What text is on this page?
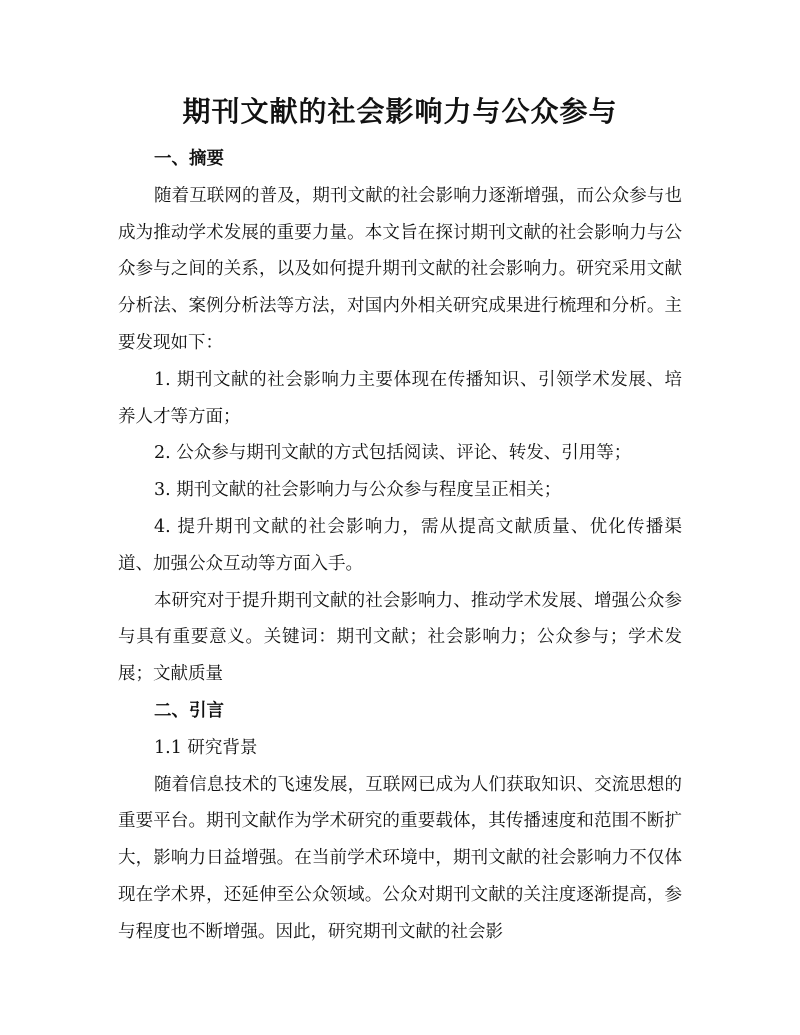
期刊文献的社会影响力与公众参与

一、摘要

随着互联网的普及，期刊文献的社会影响力逐渐增强，而公众参与也成为推动学术发展的重要力量。本文旨在探讨期刊文献的社会影响力与公众参与之间的关系，以及如何提升期刊文献的社会影响力。研究采用文献分析法、案例分析法等方法，对国内外相关研究成果进行梳理和分析。主要发现如下：

1. 期刊文献的社会影响力主要体现在传播知识、引领学术发展、培养人才等方面；

2. 公众参与期刊文献的方式包括阅读、评论、转发、引用等；

3. 期刊文献的社会影响力与公众参与程度呈正相关；

4. 提升期刊文献的社会影响力，需从提高文献质量、优化传播渠道、加强公众互动等方面入手。

本研究对于提升期刊文献的社会影响力、推动学术发展、增强公众参与具有重要意义。关键词：期刊文献；社会影响力；公众参与；学术发展；文献质量

二、引言

1.1 研究背景

随着信息技术的飞速发展，互联网已成为人们获取知识、交流思想的重要平台。期刊文献作为学术研究的重要载体，其传播速度和范围不断扩大，影响力日益增强。在当前学术环境中，期刊文献的社会影响力不仅体现在学术界，还延伸至公众领域。公众对期刊文献的关注度逐渐提高，参与程度也不断增强。因此，研究期刊文献的社会影
